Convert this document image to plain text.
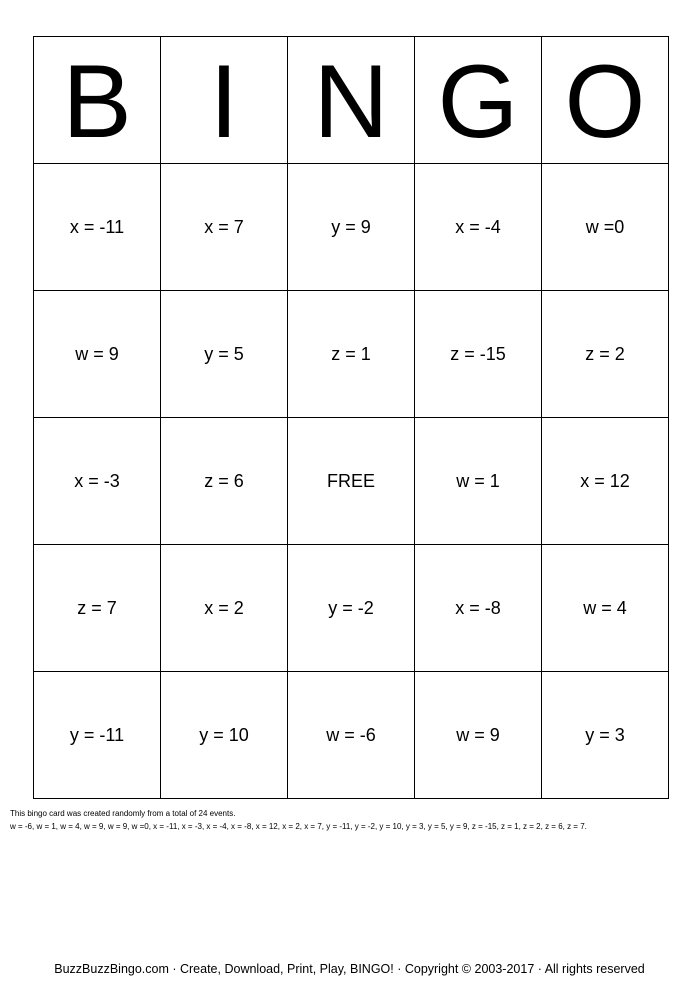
B	I	N	G	O
x = -11	x = 7	y = 9	x = -4	w =0
w = 9	y = 5	z = 1	z = -15	z = 2
x = -3	z = 6	FREE	w = 1	x = 12
z = 7	x = 2	y = -2	x = -8	w = 4
y = -11	y = 10	w = -6	w = 9	y = 3
This bingo card was created randomly from a total of 24 events.
w = -6, w = 1, w = 4, w = 9, w = 9, w =0, x = -11, x = -3, x = -4, x = -8, x = 12, x = 2, x = 7, y = -11, y = -2, y = 10, y = 3, y = 5, y = 9, z = -15, z = 1, z = 2, z = 6, z = 7.
BuzzBuzzBingo.com · Create, Download, Print, Play, BINGO! · Copyright © 2003-2017 · All rights reserved
